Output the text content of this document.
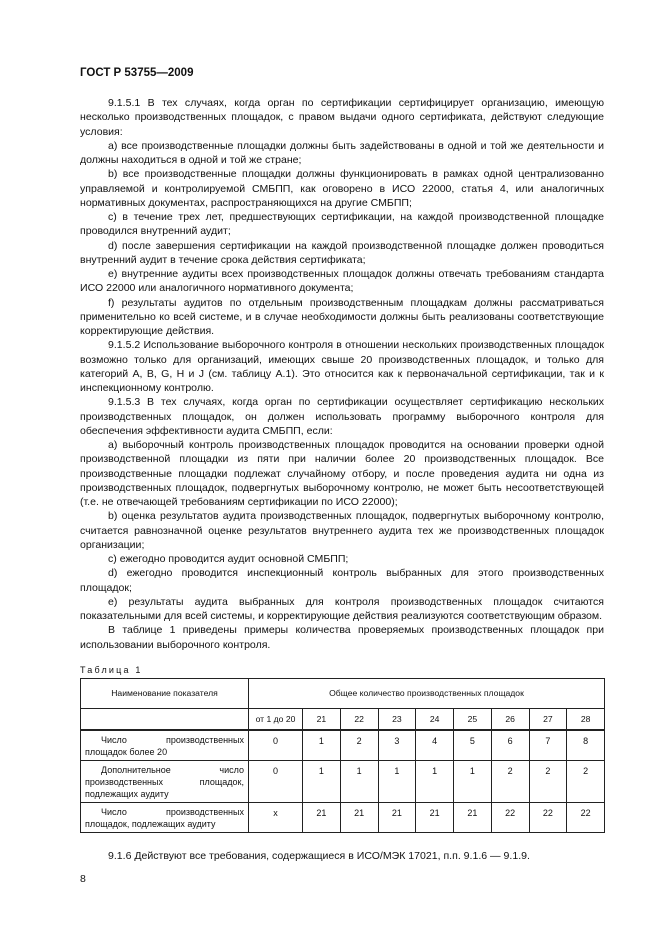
ГОСТ Р 53755—2009

9.1.5.1 В тех случаях, когда орган по сертификации сертифицирует организацию, имеющую несколько производственных площадок, с правом выдачи одного сертификата, действуют следующие условия:

a) все производственные площадки должны быть задействованы в одной и той же деятельности и должны находиться в одной и той же стране;

b) все производственные площадки должны функционировать в рамках одной централизованно управляемой и контролируемой СМБПП, как оговорено в ИСО 22000, статья 4, или аналогичных нормативных документах, распространяющихся на другие СМБПП;

c) в течение трех лет, предшествующих сертификации, на каждой производственной площадке проводился внутренний аудит;

d) после завершения сертификации на каждой производственной площадке должен проводиться внутренний аудит в течение срока действия сертификата;

e) внутренние аудиты всех производственных площадок должны отвечать требованиям стандарта ИСО 22000 или аналогичного нормативного документа;

f) результаты аудитов по отдельным производственным площадкам должны рассматриваться применительно ко всей системе, и в случае необходимости должны быть реализованы соответствующие корректирующие действия.

9.1.5.2 Использование выборочного контроля в отношении нескольких производственных площадок возможно только для организаций, имеющих свыше 20 производственных площадок, и только для категорий A, B, G, H и J (см. таблицу A.1). Это относится как к первоначальной сертификации, так и к инспекционному контролю.

9.1.5.3 В тех случаях, когда орган по сертификации осуществляет сертификацию нескольких производственных площадок, он должен использовать программу выборочного контроля для обеспечения эффективности аудита СМБПП, если:

a) выборочный контроль производственных площадок проводится на основании проверки одной производственной площадки из пяти при наличии более 20 производственных площадок. Все производственные площадки подлежат случайному отбору, и после проведения аудита ни одна из производственных площадок, подвергнутых выборочному контролю, не может быть несоответствующей (т.е. не отвечающей требованиям сертификации по ИСО 22000);

b) оценка результатов аудита производственных площадок, подвергнутых выборочному контролю, считается равнозначной оценке результатов внутреннего аудита тех же производственных площадок организации;

c) ежегодно проводится аудит основной СМБПП;

d) ежегодно проводится инспекционный контроль выбранных для этого производственных площадок;

e) результаты аудита выбранных для контроля производственных площадок считаются показательными для всей системы, и корректирующие действия реализуются соответствующим образом.

В таблице 1 приведены примеры количества проверяемых производственных площадок при использовании выборочного контроля.

Таблица 1
Наименование показателя	Общее количество производственных площадок								
	от 1 до 20	21	22	23	24	25	26	27	28
Число производственных площадок более 20	0	1	2	3	4	5	6	7	8
Дополнительное число производственных площадок, подлежащих аудиту	0	1	1	1	1	1	2	2	2
Число производственных площадок, подлежащих аудиту	x	21	21	21	21	21	22	22	22
9.1.6 Действуют все требования, содержащиеся в ИСО/МЭК 17021, п.п. 9.1.6 — 9.1.9.
8
